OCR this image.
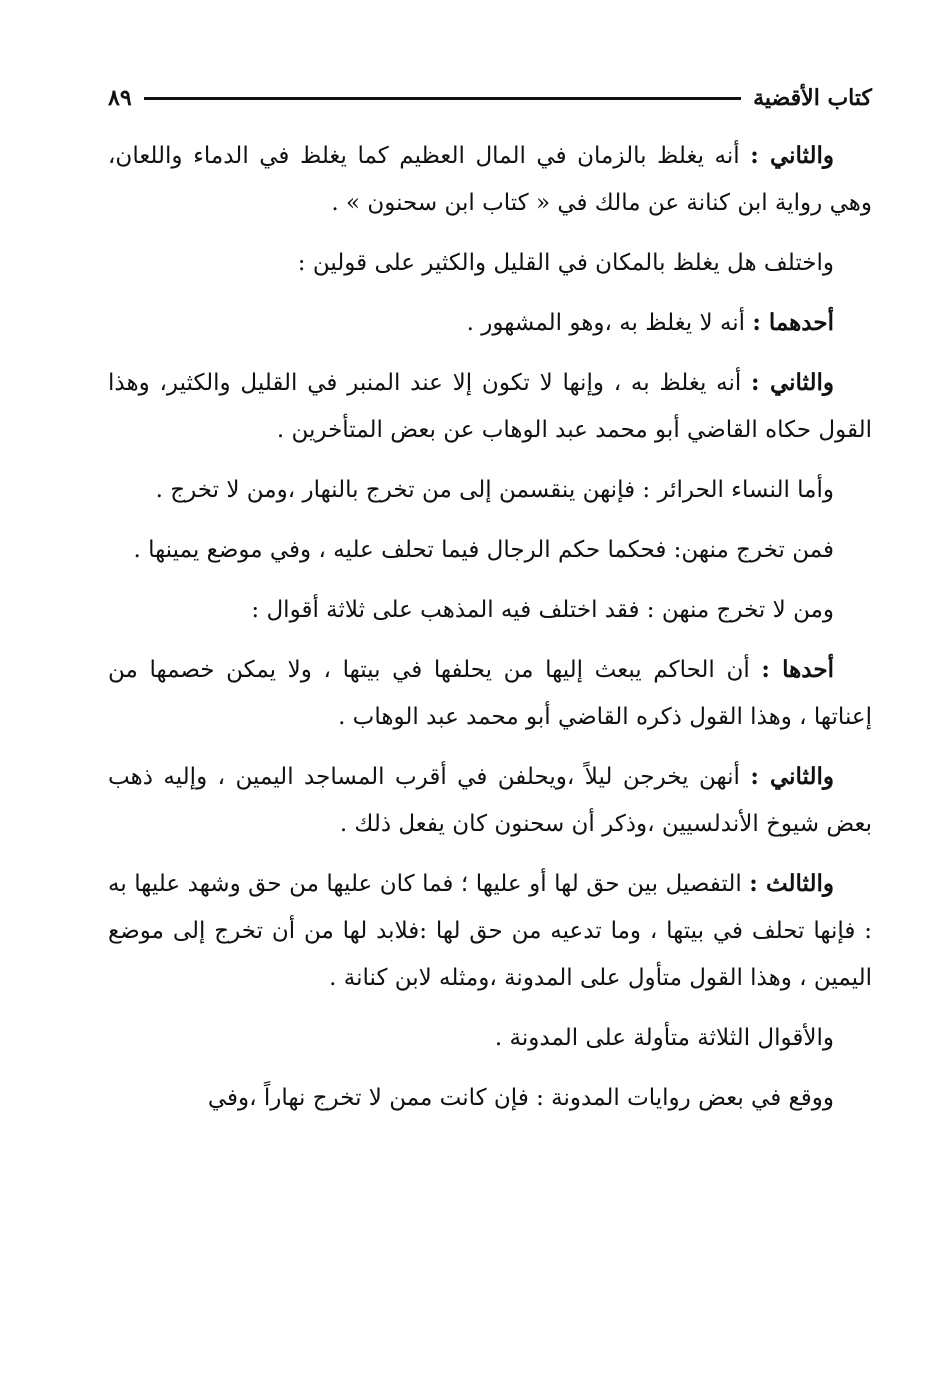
كتاب الأقضية
٨٩

والثاني : أنه يغلظ بالزمان في المال العظيم كما يغلظ في الدماء واللعان، وهي رواية ابن كنانة عن مالك في « كتاب ابن سحنون » .

واختلف هل يغلظ بالمكان في القليل والكثير على قولين :

أحدهما : أنه لا يغلظ به ،وهو المشهور .

والثاني : أنه يغلظ به ، وإنها لا تكون إلا عند المنبر في القليل والكثير، وهذا القول حكاه القاضي أبو محمد عبد الوهاب عن بعض المتأخرين .

وأما النساء الحرائر : فإنهن ينقسمن إلى من تخرج بالنهار ،ومن لا تخرج .

فمن تخرج منهن: فحكما حكم الرجال فيما تحلف عليه ، وفي موضع يمينها .

ومن لا تخرج منهن : فقد اختلف فيه المذهب على ثلاثة أقوال :

أحدها : أن الحاكم يبعث إليها من يحلفها في بيتها ، ولا يمكن خصمها من إعناتها ، وهذا القول ذكره القاضي أبو محمد عبد الوهاب .

والثاني : أنهن يخرجن ليلاً ،ويحلفن في أقرب المساجد اليمين ، وإليه ذهب بعض شيوخ الأندلسيين ،وذكر أن سحنون كان يفعل ذلك .

والثالث : التفصيل بين حق لها أو عليها ؛ فما كان عليها من حق وشهد عليها به : فإنها تحلف في بيتها ، وما تدعيه من حق لها :فلابد لها من أن تخرج إلى موضع اليمين ، وهذا القول متأول على المدونة ،ومثله لابن كنانة .

والأقوال الثلاثة متأولة على المدونة .

ووقع في بعض روايات المدونة : فإن كانت ممن لا تخرج نهاراً ،وفي
